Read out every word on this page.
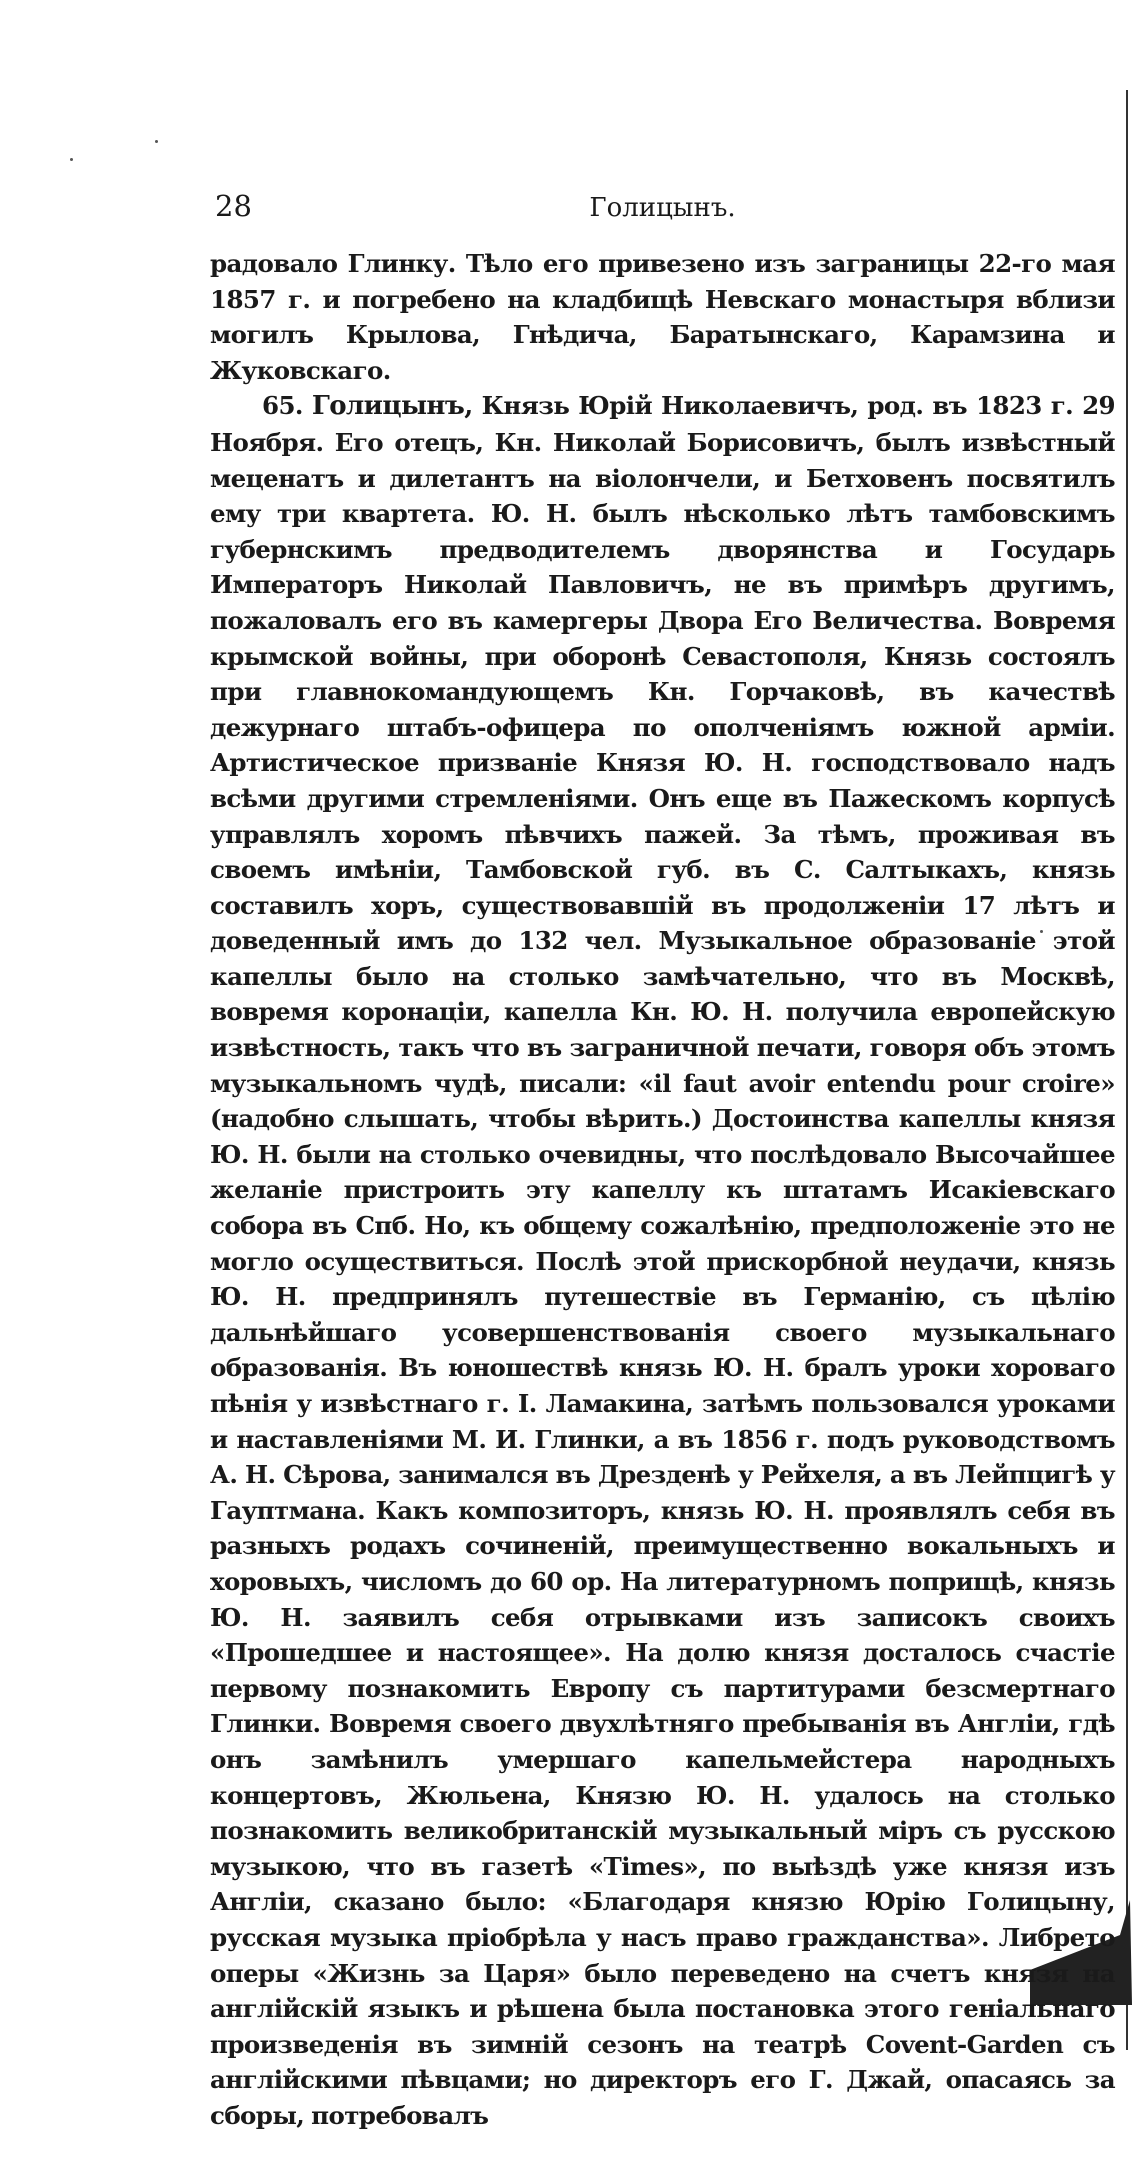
28	Голицынъ.

радовало Глинку. Тѣло его привезено изъ заграницы 22-го мая 1857 г. и погребено на кладбищѣ Невскаго монастыря вблизи могилъ Крылова, Гнѣдича, Баратынскаго, Карамзина и Жуковскаго.

65. Голицынъ, Князь Юрій Николаевичъ, род. въ 1823 г. 29 Ноября. Его отецъ, Кн. Николай Борисовичъ, былъ извѣстный меценатъ и дилетантъ на віолончели, и Бетховенъ посвятилъ ему три квартета. Ю. Н. былъ нѣсколько лѣтъ тамбовскимъ губернскимъ предводителемъ дворянства и Государь Императоръ Николай Павловичъ, не въ примѣръ другимъ, пожаловалъ его въ камергеры Двора Его Величества. Вовремя крымской войны, при оборонѣ Севастополя, Князь состоялъ при главнокомандующемъ Кн. Горчаковѣ, въ качествѣ дежурнаго штабъ-офицера по ополченіямъ южной арміи. Артистическое призваніе Князя Ю. Н. господствовало надъ всѣми другими стремленіями. Онъ еще въ Пажескомъ корпусѣ управлялъ хоромъ пѣвчихъ пажей. За тѣмъ, проживая въ своемъ имѣніи, Тамбовской губ. въ С. Салтыкахъ, князь составилъ хоръ, существовавшій въ продолженіи 17 лѣтъ и доведенный имъ до 132 чел. Музыкальное образованіе этой капеллы было на столько замѣчательно, что въ Москвѣ, вовремя коронаціи, капелла Кн. Ю. Н. получила европейскую извѣстность, такъ что въ заграничной печати, говоря объ этомъ музыкальномъ чудѣ, писали: «il faut avoir entendu pour croire» (надобно слышать, чтобы вѣрить.) Достоинства капеллы князя Ю. Н. были на столько очевидны, что послѣдовало Высочайшее желаніе пристроить эту капеллу къ штатамъ Исакіевскаго собора въ Спб. Но, къ общему сожалѣнію, предположеніе это не могло осуществиться. Послѣ этой прискорбной неудачи, князь Ю. Н. предпринялъ путешествіе въ Германію, съ цѣлію дальнѣйшаго усовершенствованія своего музыкальнаго образованія. Въ юношествѣ князь Ю. Н. бралъ уроки хороваго пѣнія у извѣстнаго г. І. Ламакина, затѣмъ пользовался уроками и наставленіями М. И. Глинки, а въ 1856 г. подъ руководствомъ А. Н. Сѣрова, занимался въ Дрезденѣ у Рейхеля, а въ Лейпцигѣ у Гауптмана. Какъ композиторъ, князь Ю. Н. проявлялъ себя въ разныхъ родахъ сочиненій, преимущественно вокальныхъ и хоровыхъ, числомъ до 60 op. На литературномъ поприщѣ, князь Ю. Н. заявилъ себя отрывками изъ записокъ своихъ «Прошедшее и настоящее». На долю князя досталось счастіе первому познакомить Европу съ партитурами безсмертнаго Глинки. Вовремя своего двухлѣтняго пребыванія въ Англіи, гдѣ онъ замѣнилъ умершаго капельмейстера народныхъ концертовъ, Жюльена, Князю Ю. Н. удалось на столько познакомить великобританскій музыкальный міръ съ русскою музыкою, что въ газетѣ «Times», по выѣздѣ уже князя изъ Англіи, сказано было: «Благодаря князю Юрію Голицыну, русская музыка пріобрѣла у насъ право гражданства». Либрето оперы «Жизнь за Царя» было переведено на счетъ князя на англійскій языкъ и рѣшена была постановка этого геніальнаго произведенія въ зимній сезонъ на театрѣ Covent-Garden съ англійскими пѣвцами; но директоръ его Г. Джай, опасаясь за сборы, потребовалъ
